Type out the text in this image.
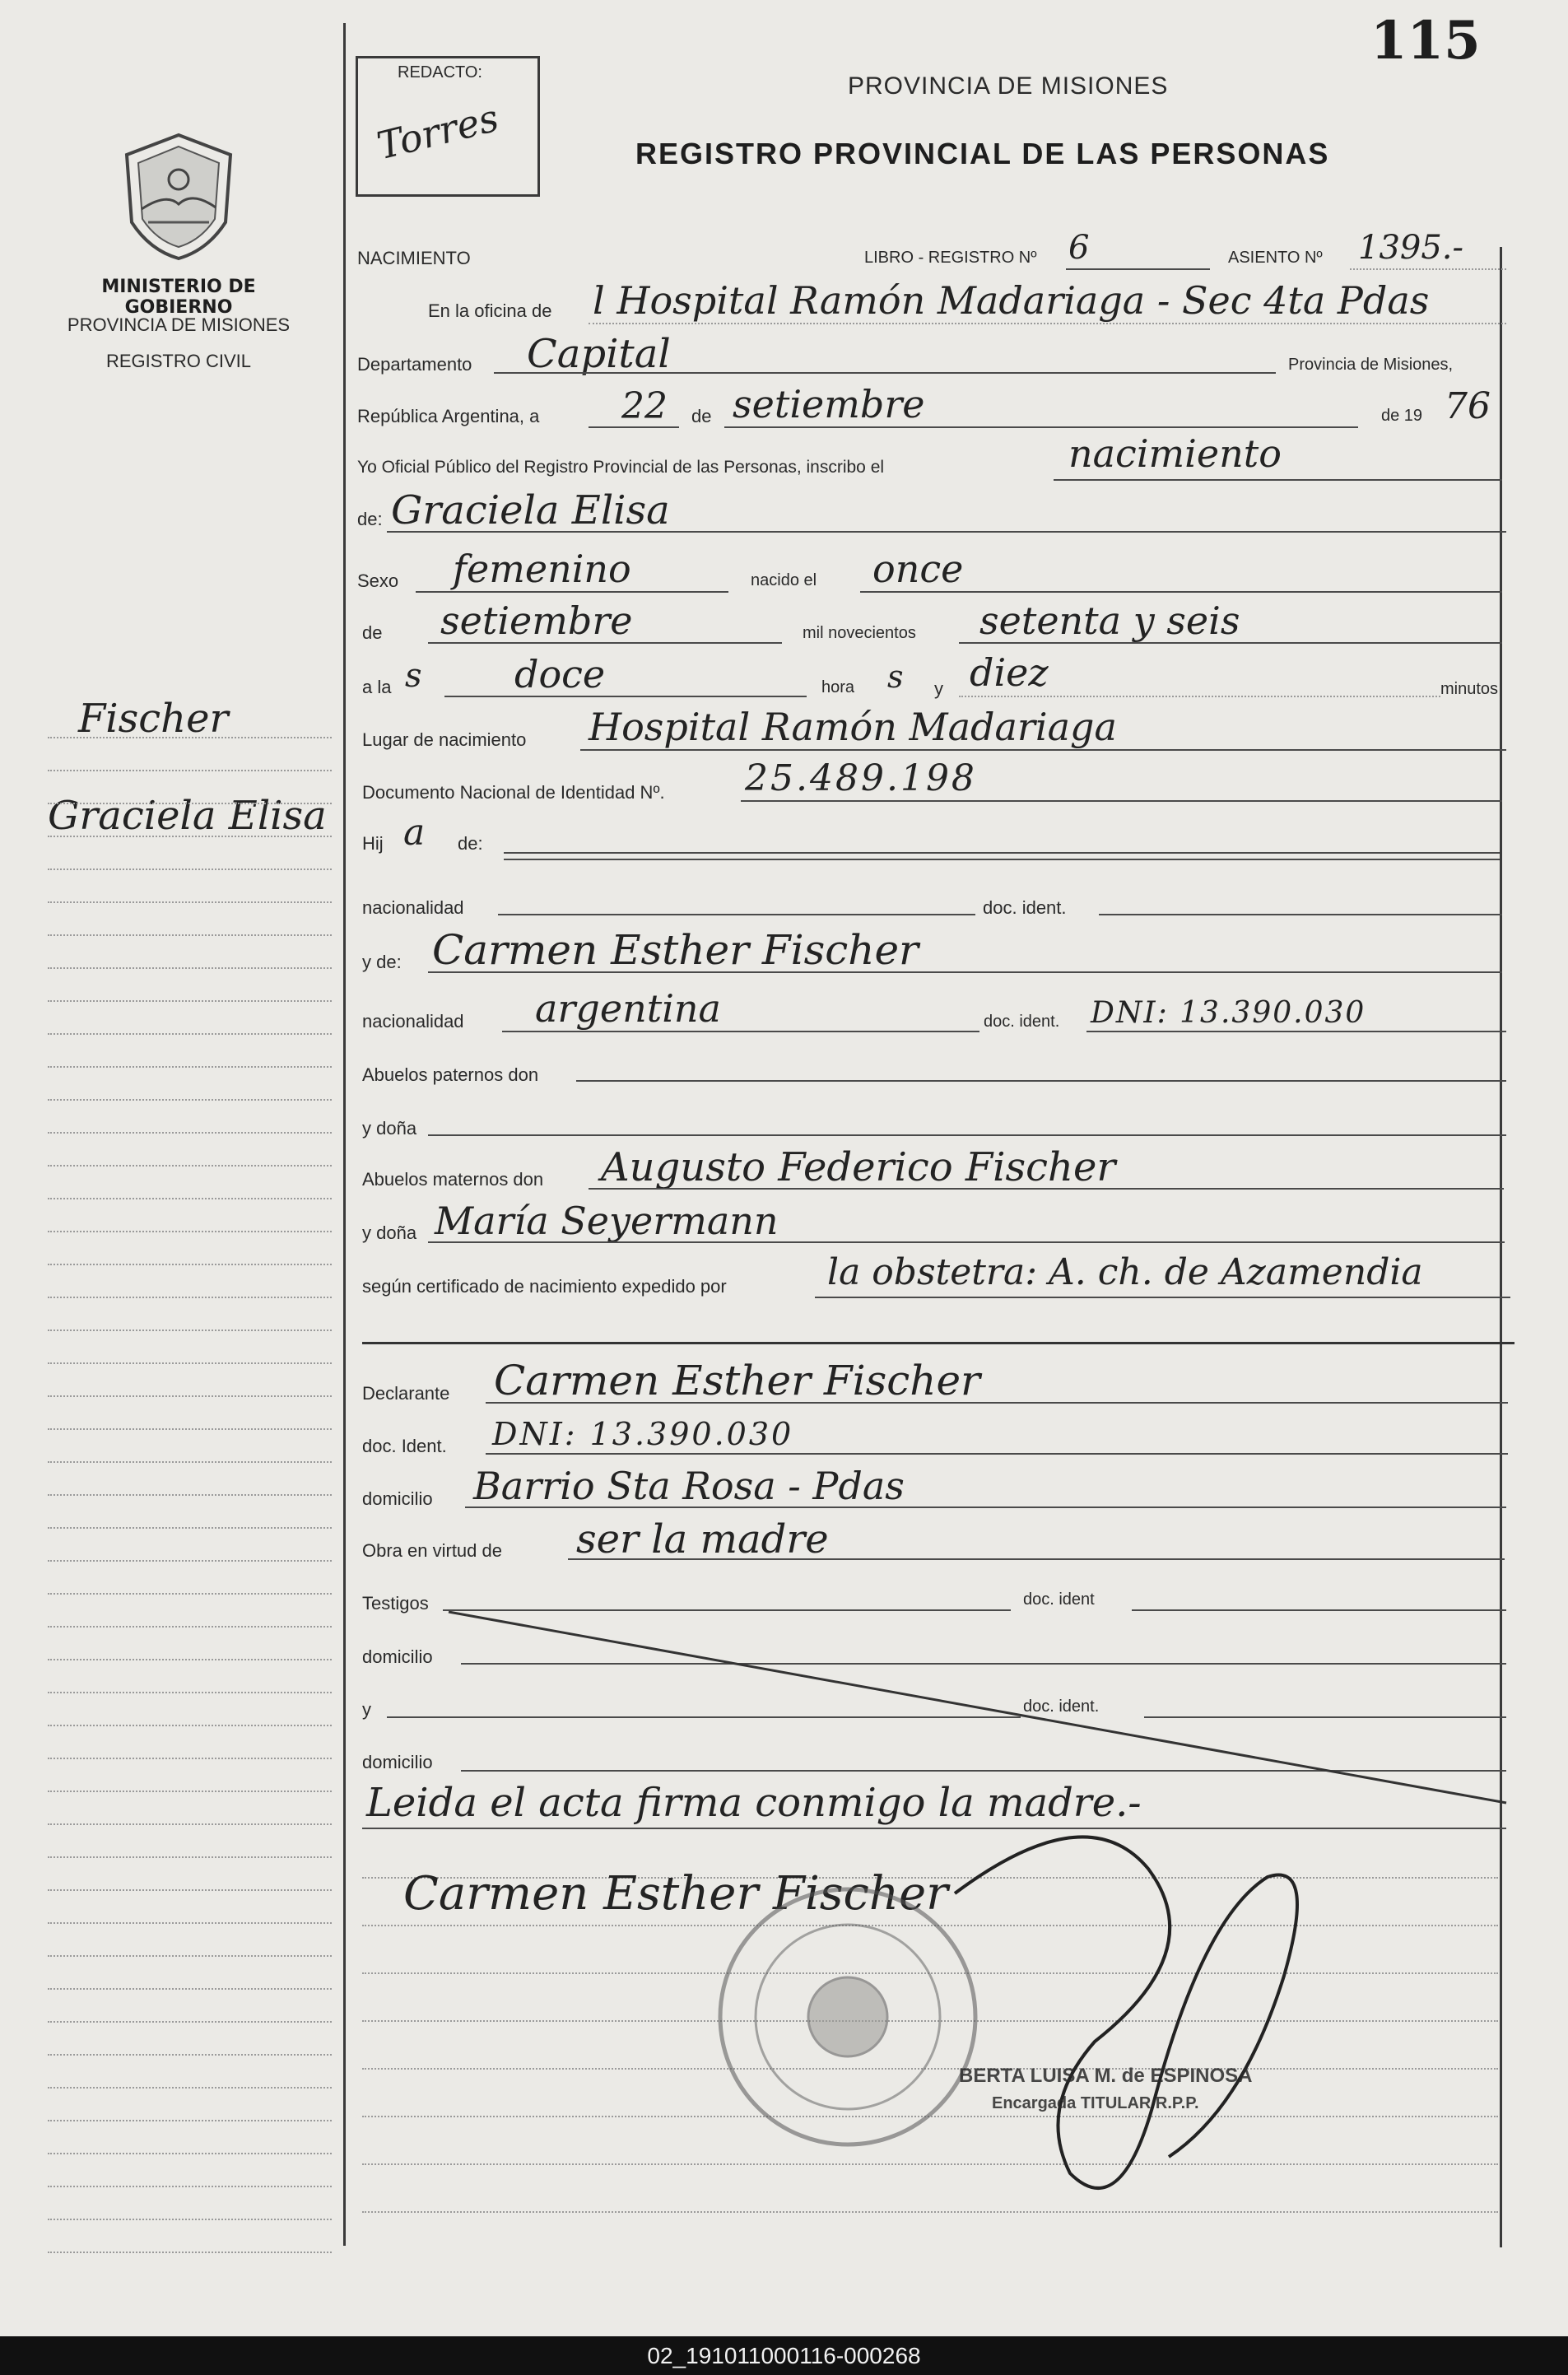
115
REDACTO:
Torres
PROVINCIA DE MISIONES
REGISTRO PROVINCIAL DE LAS PERSONAS
MINISTERIO DE GOBIERNO
PROVINCIA DE MISIONES
REGISTRO CIVIL
Fischer
Graciela Elisa
NACIMIENTO	LIBRO - REGISTRO Nº 6	ASIENTO Nº 1395.-
En la oficina de l Hospital Ramón Madariaga - Sec 4ta Pdas
Departamento Capital	Provincia de Misiones,
República Argentina, a 22 de setiembre	de 19 76
Yo Oficial Público del Registro Provincial de las Personas, inscribo el	nacimiento
de: Graciela Elisa
Sexo femenino	nacido el once
de setiembre	mil novecientos setenta y seis
a la s doce	hora s y diez	minutos
Lugar de nacimiento Hospital Ramón Madariaga
Documento Nacional de Identidad Nº. 25.489.198
Hij a de:
nacionalidad	doc. ident.
y de: Carmen Esther Fischer
nacionalidad argentina	doc. ident. DNI: 13.390.030
Abuelos paternos don
y doña
Abuelos maternos don Augusto Federico Fischer
y doña María Seyermann
según certificado de nacimiento expedido por	la obstetra: A. ch. de Azamendia
Declarante Carmen Esther Fischer
doc. Ident. DNI: 13.390.030
domicilio Barrio Sta Rosa - Pdas
Obra en virtud de ser la madre
Testigos	doc. ident
domicilio
y	doc. ident.
domicilio
Leida el acta firma conmigo la madre.-
Carmen Esther Fischer
BERTA LUISA M. de ESPINOSA
Encargada TITULAR R.P.P.
02_191011000116-000268
